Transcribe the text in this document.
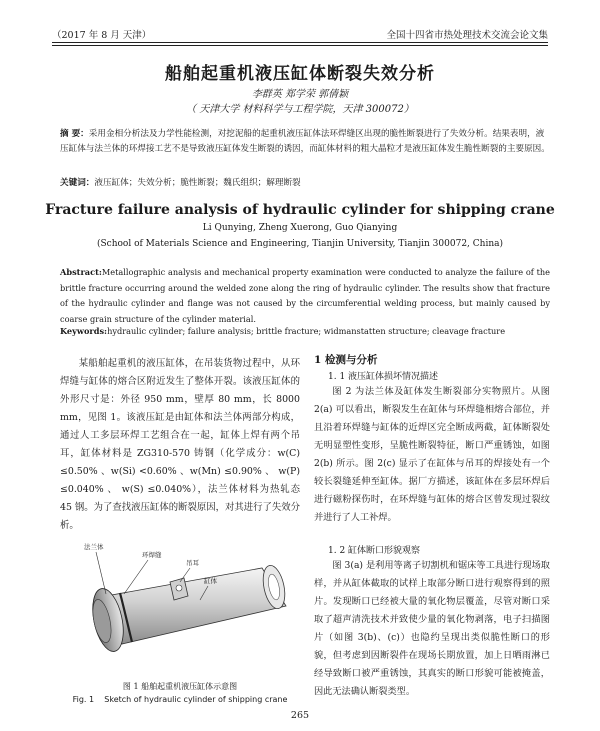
（2017 年 8 月 天津）	全国十四省市热处理技术交流会论文集
船舶起重机液压缸体断裂失效分析
李群英 郑学荣 郭倩颖
（ 天津大学 材料科学与工程学院，天津 300072）
摘 要：采用金相分析法及力学性能检测，对挖泥船的起重机液压缸体法环焊缝区出现的脆性断裂进行了失效分析。结果表明，液压缸体与法兰体的环焊接工艺不是导致液压缸体发生断裂的诱因，而缸体材料的粗大晶粒才是液压缸体发生脆性断裂的主要原因。
关键词：液压缸体；失效分析；脆性断裂；魏氏组织；解理断裂
Fracture failure analysis of hydraulic cylinder for shipping crane
Li Qunying, Zheng Xuerong, Guo Qianying
(School of Materials Science and Engineering, Tianjin University, Tianjin 300072, China)
Abstract:Metallographic analysis and mechanical property examination were conducted to analyze the failure of the brittle fracture occurring around the welded zone along the ring of hydraulic cylinder. The results show that fracture of the hydraulic cylinder and flange was not caused by the circumferential welding process, but mainly caused by coarse grain structure of the cylinder material.
Keywords:hydraulic cylinder; failure analysis; brittle fracture; widmanstatten structure; cleavage fracture
某船舶起重机的液压缸体，在吊装货物过程中，从环焊缝与缸体的熔合区附近发生了整体开裂。该液压缸体的外形尺寸是：外径 950 mm，壁厚 80 mm，长 8000 mm，见图 1。该液压缸是由缸体和法兰体两部分构成，通过人工多层环焊工艺组合在一起，缸体上焊有两个吊耳，缸体材料是 ZG310-570 铸钢（化学成分：w(C) ≤0.50% 、w(Si) <0.60% 、w(Mn) ≤0.90% 、 w(P) ≤0.040% 、 w(S) ≤0.040%），法兰体材料为热轧态 45 钢。为了查找液压缸体的断裂原因，对其进行了失效分析。
法兰体
环焊缝
吊耳
缸体
图 1 船舶起重机液压缸体示意图
Fig. 1 Sketch of hydraulic cylinder of shipping crane
1 检测与分析
1. 1 液压缸体损坏情况描述
图 2 为法兰体及缸体发生断裂部分实物照片。从图 2(a) 可以看出，断裂发生在缸体与环焊缝相熔合部位，并且沿着环焊缝与缸体的近焊区完全断成两截，缸体断裂处无明显塑性变形，呈脆性断裂特征，断口严重锈蚀，如图 2(b) 所示。图 2(c) 显示了在缸体与吊耳的焊接处有一个较长裂缝延伸至缸体。据厂方描述，该缸体在多层环焊后进行磁粉探伤时，在环焊缝与缸体的熔合区曾发现过裂纹并进行了人工补焊。
1. 2 缸体断口形貌观察
图 3(a) 是利用等离子切割机和锯床等工具进行现场取样，并从缸体截取的试样上取部分断口进行观察得到的照片。发现断口已经被大量的氧化物层覆盖，尽管对断口采取了超声清洗技术并致使少量的氧化物剥落，电子扫描图片（如图 3(b)、(c)）也隐约呈现出类似脆性断口的形貌，但考虑到因断裂件在现场长期放置，加上日晒雨淋已经导致断口被严重锈蚀，其真实的断口形貌可能被掩盖，因此无法确认断裂类型。
265
